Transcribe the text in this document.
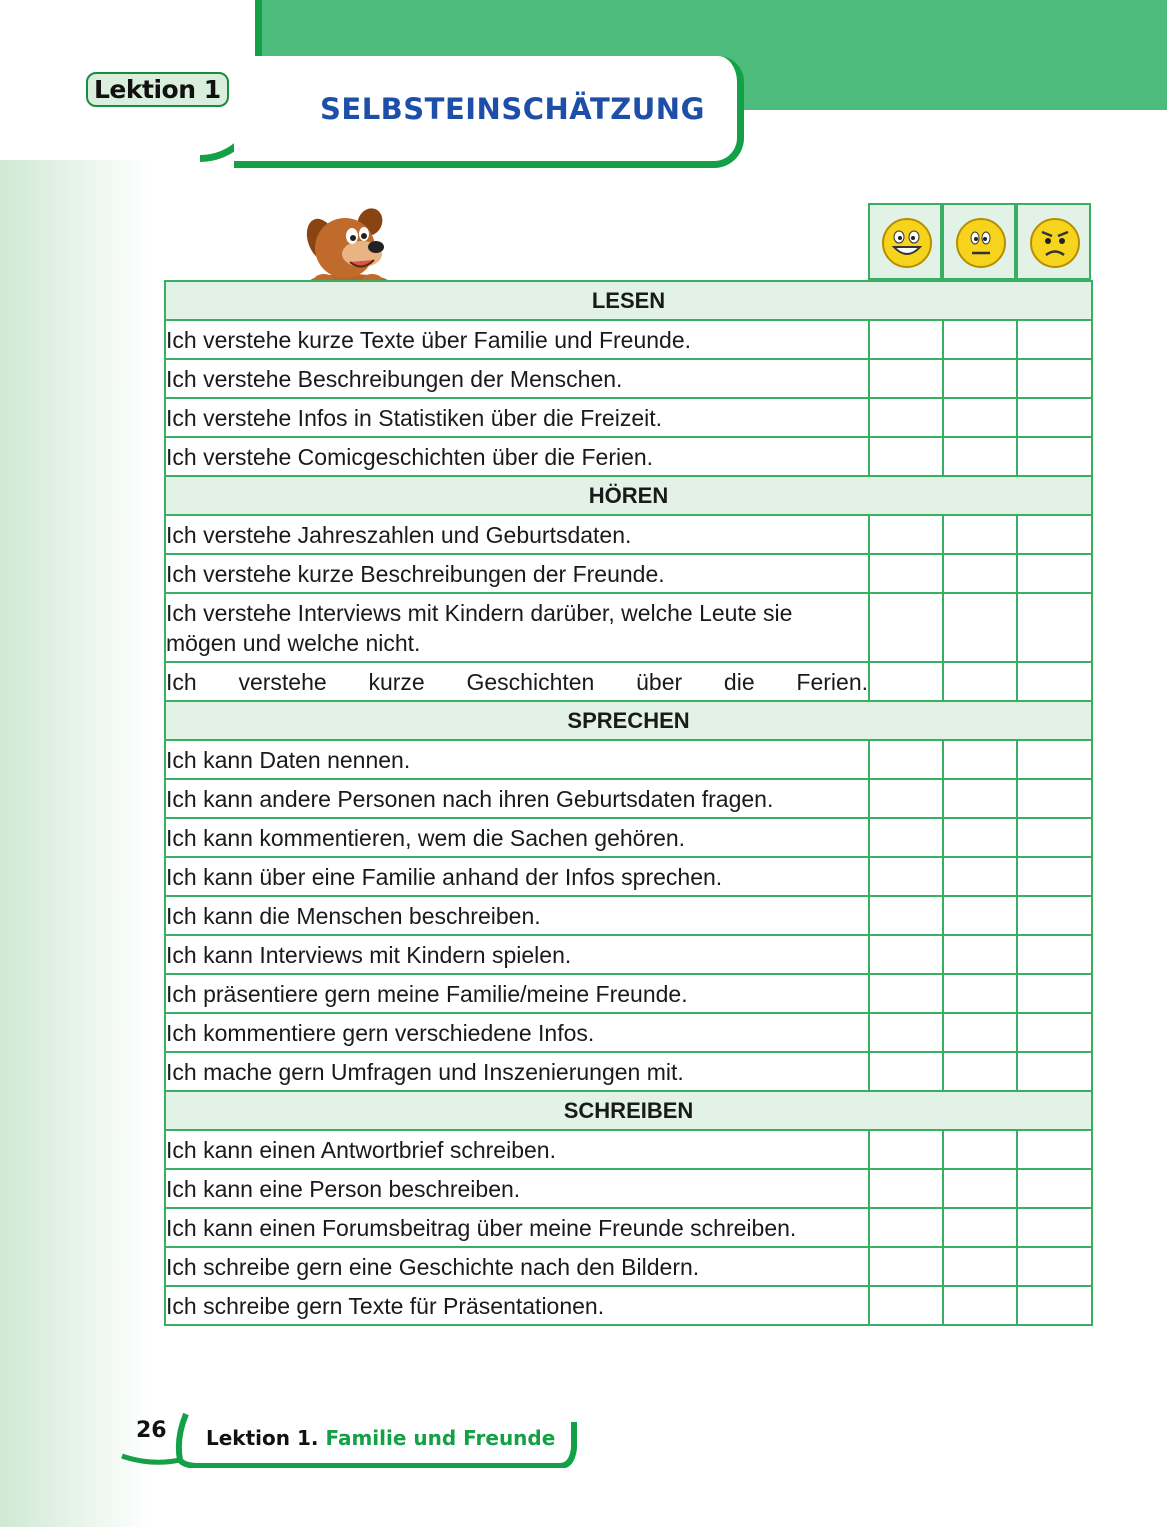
Lektion 1
SELBSTEINSCHÄTZUNG
LESEN			
Ich verstehe kurze Texte über Familie und Freunde.			
Ich verstehe Beschreibungen der Menschen.			
Ich verstehe Infos in Statistiken über die Freizeit.			
Ich verstehe Comicgeschichten über die Ferien.			
HÖREN			
Ich verstehe Jahreszahlen und Geburtsdaten.			
Ich verstehe kurze Beschreibungen der Freunde.			
Ich verstehe Interviews mit Kindern darüber, welche Leute sie mögen und welche nicht.			
Ich verstehe kurze Geschichten über die Ferien.			
SPRECHEN			
Ich kann Daten nennen.			
Ich kann andere Personen nach ihren Geburtsdaten fragen.			
Ich kann kommentieren, wem die Sachen gehören.			
Ich kann über eine Familie anhand der Infos sprechen.			
Ich kann die Menschen beschreiben.			
Ich kann Interviews mit Kindern spielen.			
Ich präsentiere gern meine Familie/meine Freunde.			
Ich kommentiere gern verschiedene Infos.			
Ich mache gern Umfragen und Inszenierungen mit.			
SCHREIBEN			
Ich kann einen Antwortbrief schreiben.			
Ich kann eine Person beschreiben.			
Ich kann einen Forumsbeitrag über meine Freunde schreiben.			
Ich schreibe gern eine Geschichte nach den Bildern.			
Ich schreibe gern Texte für Präsentationen.			
26 Lektion 1. Familie und Freunde
